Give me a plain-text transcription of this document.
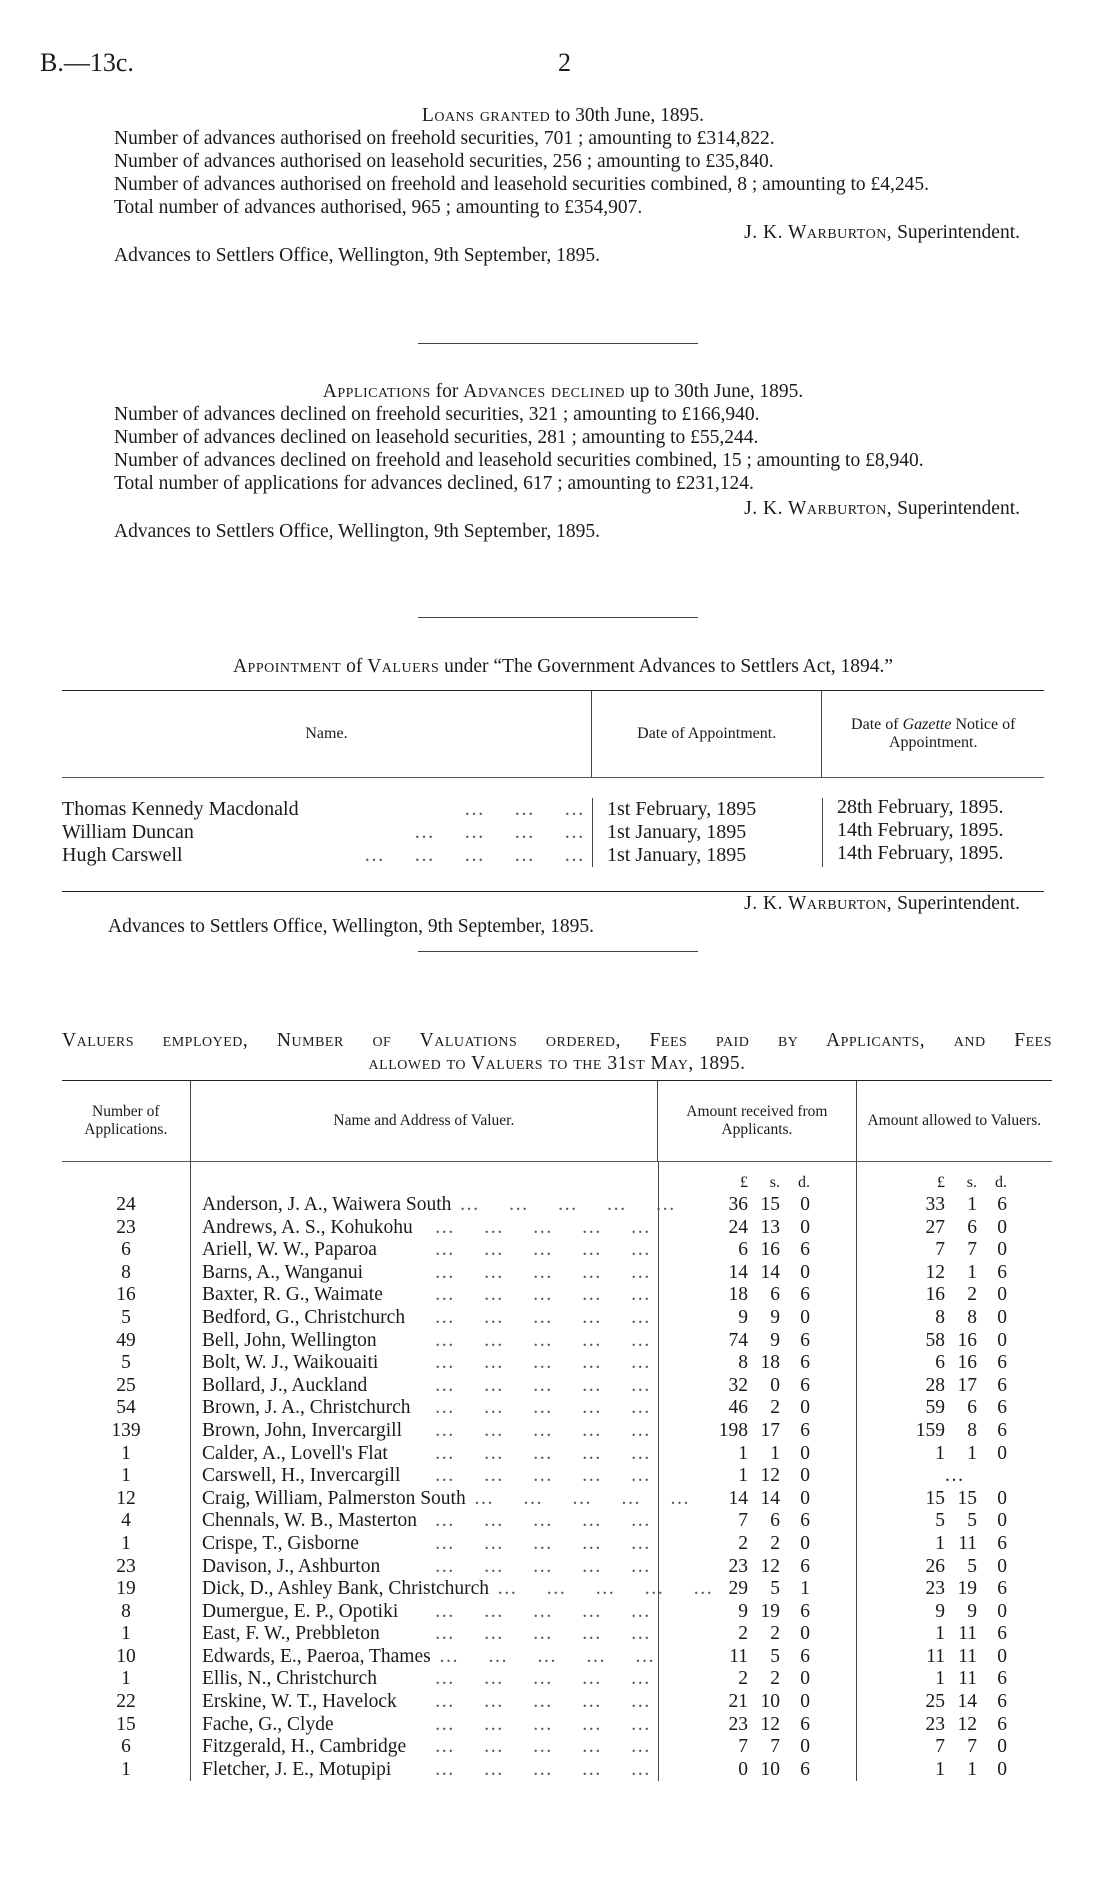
B.—13c.	2
Loans granted to 30th June, 1895.
Number of advances authorised on freehold securities, 701 ; amounting to £314,822.
Number of advances authorised on leasehold securities, 256 ; amounting to £35,840.
Number of advances authorised on freehold and leasehold securities combined, 8 ; amounting to £4,245.
Total number of advances authorised, 965 ; amounting to £354,907.
J. K. Warburton, Superintendent.
Advances to Settlers Office, Wellington, 9th September, 1895.
Applications for Advances declined up to 30th June, 1895.
Number of advances declined on freehold securities, 321 ; amounting to £166,940.
Number of advances declined on leasehold securities, 281 ; amounting to £55,244.
Number of advances declined on freehold and leasehold securities combined, 15 ; amounting to £8,940.
Total number of applications for advances declined, 617 ; amounting to £231,124.
J. K. Warburton, Superintendent.
Advances to Settlers Office, Wellington, 9th September, 1895.
Appointment of Valuers under “The Government Advances to Settlers Act, 1894.”
Name.	Date of Appointment.
Date of Gazette Notice of Appointment.
Thomas Kennedy Macdonald	…    …    …	1st February, 1895	28th February, 1895.
William Duncan	…    …    …    …	1st January, 1895	14th February, 1895.
Hugh Carswell	…    …    …    …    …	1st January, 1895	14th February, 1895.
J. K. Warburton, Superintendent.
Advances to Settlers Office, Wellington, 9th September, 1895.
Valuers employed, Number of Valuations ordered, Fees paid by Applicants, and Fees
allowed to Valuers to the 31st May, 1895.
Number of Applications.
Name and Address of Valuer.
Amount received from Applicants.
Amount allowed to Valuers.
£	s.	d.	£	s.	d.
24	Anderson, J. A., Waiwera South …    …    …    …    …	36 15	0	33	1	6
23	Andrews, A. S., Kohukohu	…    …    …    …    …	24 13	0	27	6	0
6	Ariell, W. W., Paparoa	…    …    …    …    …	6 16	6	7	7	0
8	Barns, A., Wanganui	…    …    …    …    …	14 14	0	12	1	6
16	Baxter, R. G., Waimate	…    …    …    …    …	18	6	6	16	2	0
5	Bedford, G., Christchurch	…    …    …    …    …	9	9	0	8	8	0
49	Bell, John, Wellington	…    …    …    …    …	74	9	6	58 16	0
5	Bolt, W. J., Waikouaiti	…    …    …    …    …	8 18	6	6 16	6
25	Bollard, J., Auckland	…    …    …    …    …	32	0	6	28 17	6
54	Brown, J. A., Christchurch	…    …    …    …    …	46	2	0	59	6	6
139	Brown, John, Invercargill	…    …    …    …    …	198 17	6	159	8	6
1	Calder, A., Lovell's Flat	…    …    …    …    …	1	1	0	1	1	0
1	Carswell, H., Invercargill	…    …    …    …    …	1 12	0	…
12	Craig, William, Palmerston South …    …    …    …    …	14 14	0	15 15	0
4	Chennals, W. B., Masterton …    …    …    …    …	7	6	6	5	5	0
1	Crispe, T., Gisborne	…    …    …    …    …	2	2	0	1 11	6
23	Davison, J., Ashburton	…    …    …    …    …	23 12	6	26	5	0
19	Dick, D., Ashley Bank, Christchurch …    …    …    …    … 29	5	1	23 19	6
8	Dumergue, E. P., Opotiki	…    …    …    …    …	9 19	6	9	9	0
1	East, F. W., Prebbleton	…    …    …    …    …	2	2	0	1 11	6
10	Edwards, E., Paeroa, Thames …    …    …    …    …	11	5	6	11 11	0
1	Ellis, N., Christchurch	…    …    …    …    …	2	2	0	1 11	6
22	Erskine, W. T., Havelock	…    …    …    …    …	21 10	0	25 14	6
15	Fache, G., Clyde	…    …    …    …    …	23 12	6	23 12	6
6	Fitzgerald, H., Cambridge	…    …    …    …    …	7	7	0	7	7	0
1	Fletcher, J. E., Motupipi	…    …    …    …    …	0 10	6	1	1	0
